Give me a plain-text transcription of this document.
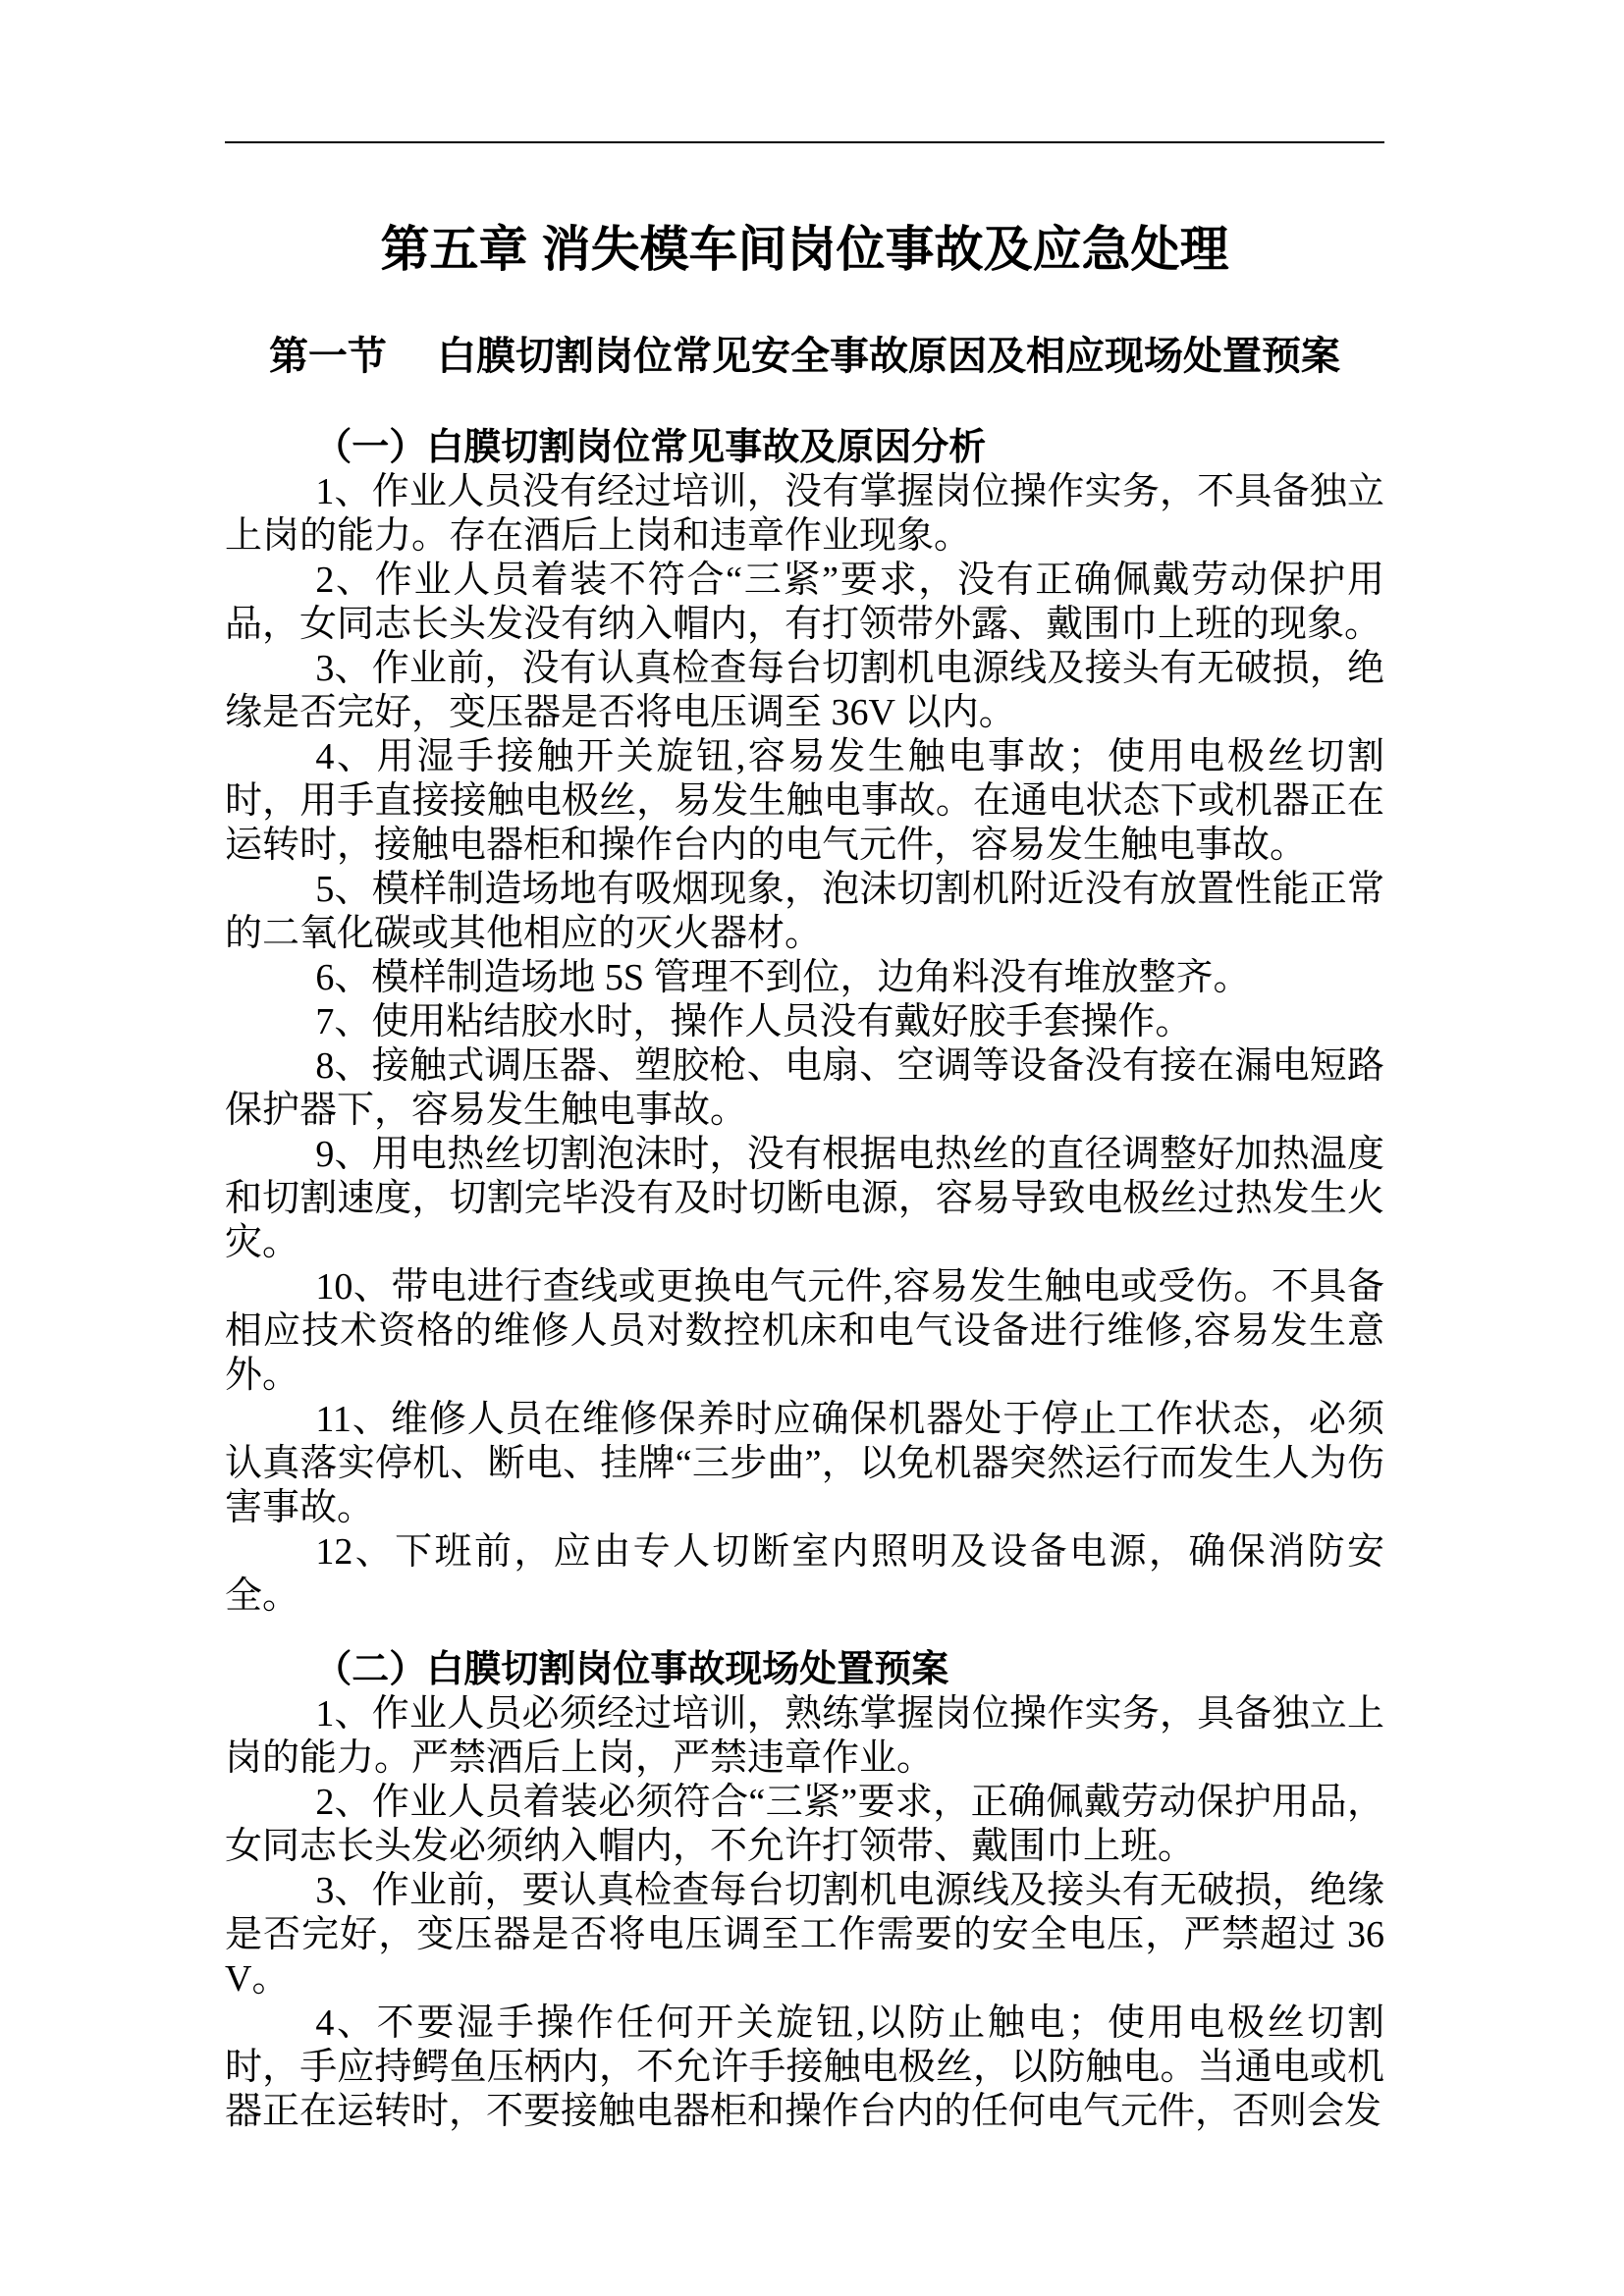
第五章 消失模车间岗位事故及应急处理
第一节　 白膜切割岗位常见安全事故原因及相应现场处置预案
（一）白膜切割岗位常见事故及原因分析

1、作业人员没有经过培训，没有掌握岗位操作实务，不具备独立上岗的能力。存在酒后上岗和违章作业现象。

2、作业人员着装不符合“三紧”要求，没有正确佩戴劳动保护用品，女同志长头发没有纳入帽内，有打领带外露、戴围巾上班的现象。

3、作业前，没有认真检查每台切割机电源线及接头有无破损，绝缘是否完好，变压器是否将电压调至 36V 以内。

4、用湿手接触开关旋钮,容易发生触电事故；使用电极丝切割时，用手直接接触电极丝，易发生触电事故。在通电状态下或机器正在运转时，接触电器柜和操作台内的电气元件，容易发生触电事故。

5、模样制造场地有吸烟现象，泡沫切割机附近没有放置性能正常的二氧化碳或其他相应的灭火器材。

6、模样制造场地 5S 管理不到位，边角料没有堆放整齐。

7、使用粘结胶水时，操作人员没有戴好胶手套操作。

8、接触式调压器、塑胶枪、电扇、空调等设备没有接在漏电短路保护器下，容易发生触电事故。

9、用电热丝切割泡沫时，没有根据电热丝的直径调整好加热温度和切割速度，切割完毕没有及时切断电源，容易导致电极丝过热发生火灾。

10、带电进行查线或更换电气元件,容易发生触电或受伤。不具备相应技术资格的维修人员对数控机床和电气设备进行维修,容易发生意外。

11、维修人员在维修保养时应确保机器处于停止工作状态，必须认真落实停机、断电、挂牌“三步曲”，以免机器突然运行而发生人为伤害事故。

12、下班前，应由专人切断室内照明及设备电源，确保消防安全。

（二）白膜切割岗位事故现场处置预案

1、作业人员必须经过培训，熟练掌握岗位操作实务，具备独立上岗的能力。严禁酒后上岗，严禁违章作业。

2、作业人员着装必须符合“三紧”要求，正确佩戴劳动保护用品，女同志长头发必须纳入帽内，不允许打领带、戴围巾上班。

3、作业前，要认真检查每台切割机电源线及接头有无破损，绝缘是否完好，变压器是否将电压调至工作需要的安全电压，严禁超过 36V。

4、不要湿手操作任何开关旋钮,以防止触电；使用电极丝切割时，手应持鳄鱼压柄内，不允许手接触电极丝，以防触电。当通电或机器正在运转时，不要接触电器柜和操作台内的任何电气元件，否则会发
